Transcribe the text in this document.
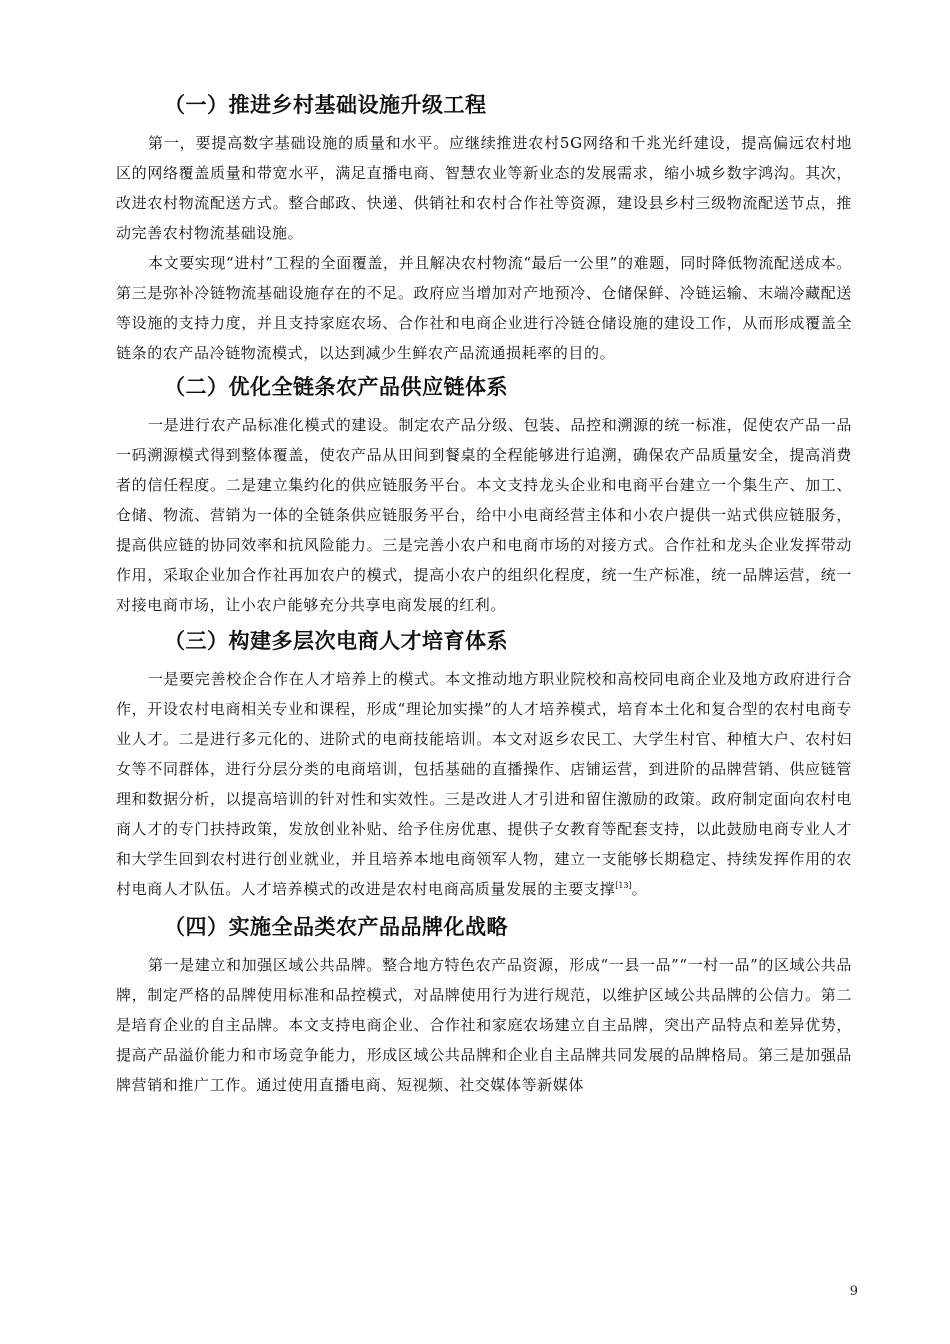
（一）推进乡村基础设施升级工程

第一，要提高数字基础设施的质量和水平。应继续推进农村5G网络和千兆光纤建设，提高偏远农村地区的网络覆盖质量和带宽水平，满足直播电商、智慧农业等新业态的发展需求，缩小城乡数字鸿沟。其次，改进农村物流配送方式。整合邮政、快递、供销社和农村合作社等资源，建设县乡村三级物流配送节点，推动完善农村物流基础设施。

本文要实现“进村”工程的全面覆盖，并且解决农村物流“最后一公里”的难题，同时降低物流配送成本。第三是弥补冷链物流基础设施存在的不足。政府应当增加对产地预冷、仓储保鲜、冷链运输、末端冷藏配送等设施的支持力度，并且支持家庭农场、合作社和电商企业进行冷链仓储设施的建设工作，从而形成覆盖全链条的农产品冷链物流模式，以达到减少生鲜农产品流通损耗率的目的。

（二）优化全链条农产品供应链体系

一是进行农产品标准化模式的建设。制定农产品分级、包装、品控和溯源的统一标准，促使农产品一品一码溯源模式得到整体覆盖，使农产品从田间到餐桌的全程能够进行追溯，确保农产品质量安全，提高消费者的信任程度。二是建立集约化的供应链服务平台。本文支持龙头企业和电商平台建立一个集生产、加工、仓储、物流、营销为一体的全链条供应链服务平台，给中小电商经营主体和小农户提供一站式供应链服务，提高供应链的协同效率和抗风险能力。三是完善小农户和电商市场的对接方式。合作社和龙头企业发挥带动作用，采取企业加合作社再加农户的模式，提高小农户的组织化程度，统一生产标准，统一品牌运营，统一对接电商市场，让小农户能够充分共享电商发展的红利。

（三）构建多层次电商人才培育体系

一是要完善校企合作在人才培养上的模式。本文推动地方职业院校和高校同电商企业及地方政府进行合作，开设农村电商相关专业和课程，形成“理论加实操”的人才培养模式，培育本土化和复合型的农村电商专业人才。二是进行多元化的、进阶式的电商技能培训。本文对返乡农民工、大学生村官、种植大户、农村妇女等不同群体，进行分层分类的电商培训，包括基础的直播操作、店铺运营，到进阶的品牌营销、供应链管理和数据分析，以提高培训的针对性和实效性。三是改进人才引进和留住激励的政策。政府制定面向农村电商人才的专门扶持政策，发放创业补贴、给予住房优惠、提供子女教育等配套支持，以此鼓励电商专业人才和大学生回到农村进行创业就业，并且培养本地电商领军人物，建立一支能够长期稳定、持续发挥作用的农村电商人才队伍。人才培养模式的改进是农村电商高质量发展的主要支撑[13]。

（四）实施全品类农产品品牌化战略

第一是建立和加强区域公共品牌。整合地方特色农产品资源，形成“一县一品”“一村一品”的区域公共品牌，制定严格的品牌使用标准和品控模式，对品牌使用行为进行规范，以维护区域公共品牌的公信力。第二是培育企业的自主品牌。本文支持电商企业、合作社和家庭农场建立自主品牌，突出产品特点和差异优势，提高产品溢价能力和市场竞争能力，形成区域公共品牌和企业自主品牌共同发展的品牌格局。第三是加强品牌营销和推广工作。通过使用直播电商、短视频、社交媒体等新媒体

9
